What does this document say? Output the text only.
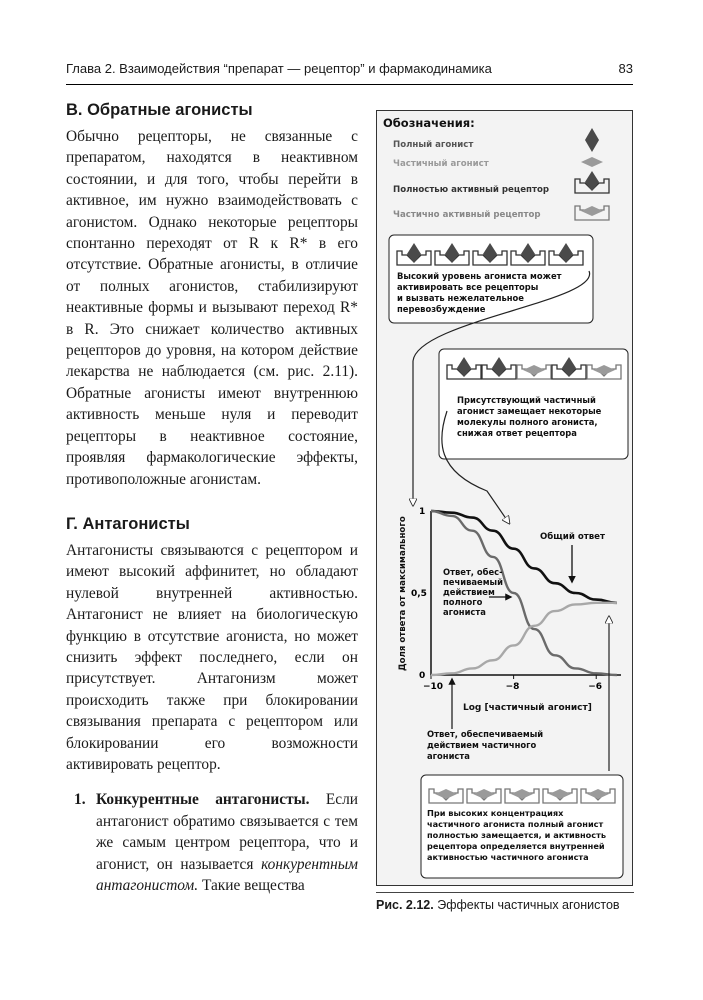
Глава 2. Взаимодействия “препарат — рецептор” и фармакодинамика	83
В. Обратные агонисты

Обычно рецепторы, не связанные с препаратом, находятся в неактивном состоянии, и для того, чтобы перейти в активное, им нужно взаимодействовать с агонистом. Однако некоторые рецепторы спонтанно переходят от R к R* в его отсутствие. Обратные агонисты, в отличие от полных агонистов, стабилизируют неактивные формы и вызывают переход R* в R. Это снижает количество активных рецепторов до уровня, на котором действие лекарства не наблюдается (см. рис. 2.11). Обратные агонисты имеют внутреннюю активность меньше нуля и переводит рецепторы в неактивное состояние, проявляя фармакологические эффекты, противоположные агонистам.

Г. Антагонисты

Антагонисты связываются с рецептором и имеют высокий аффинитет, но обладают нулевой внутренней активностью. Антагонист не влияет на биологическую функцию в отсутствие агониста, но может снизить эффект последнего, если он присутствует. Антагонизм может происходить также при блокировании связывания препарата с рецептором или блокировании его возможности активировать рецептор.

1. Конкурентные антагонисты. Если антагонист обратимо связывается с тем же самым центром рецептора, что и агонист, он называется конкурентным антагонистом. Такие вещества

Обозначения:
Полный агонист
Частичный агонист
Полностью активный рецептор
Частично активный рецептор
Высокий уровень агониста может активировать все рецепторы и вызвать нежелательное перевозбуждение
Присутствующий частичный агонист замещает некоторые молекулы полного агониста, снижая ответ рецептора
−10	−8	−6
0
0,5
1
Доля ответа от максимального
Log [частичный агонист]
Общий ответ
Ответ, обес- печиваемый действием полного агониста
Ответ, обеспечиваемый действием частичного агониста
При высоких концентрациях частичного агониста полный агонист полностью замещается, и активность рецептора определяется внутренней активностью частичного агониста
Рис. 2.12. Эффекты частичных агонистов
